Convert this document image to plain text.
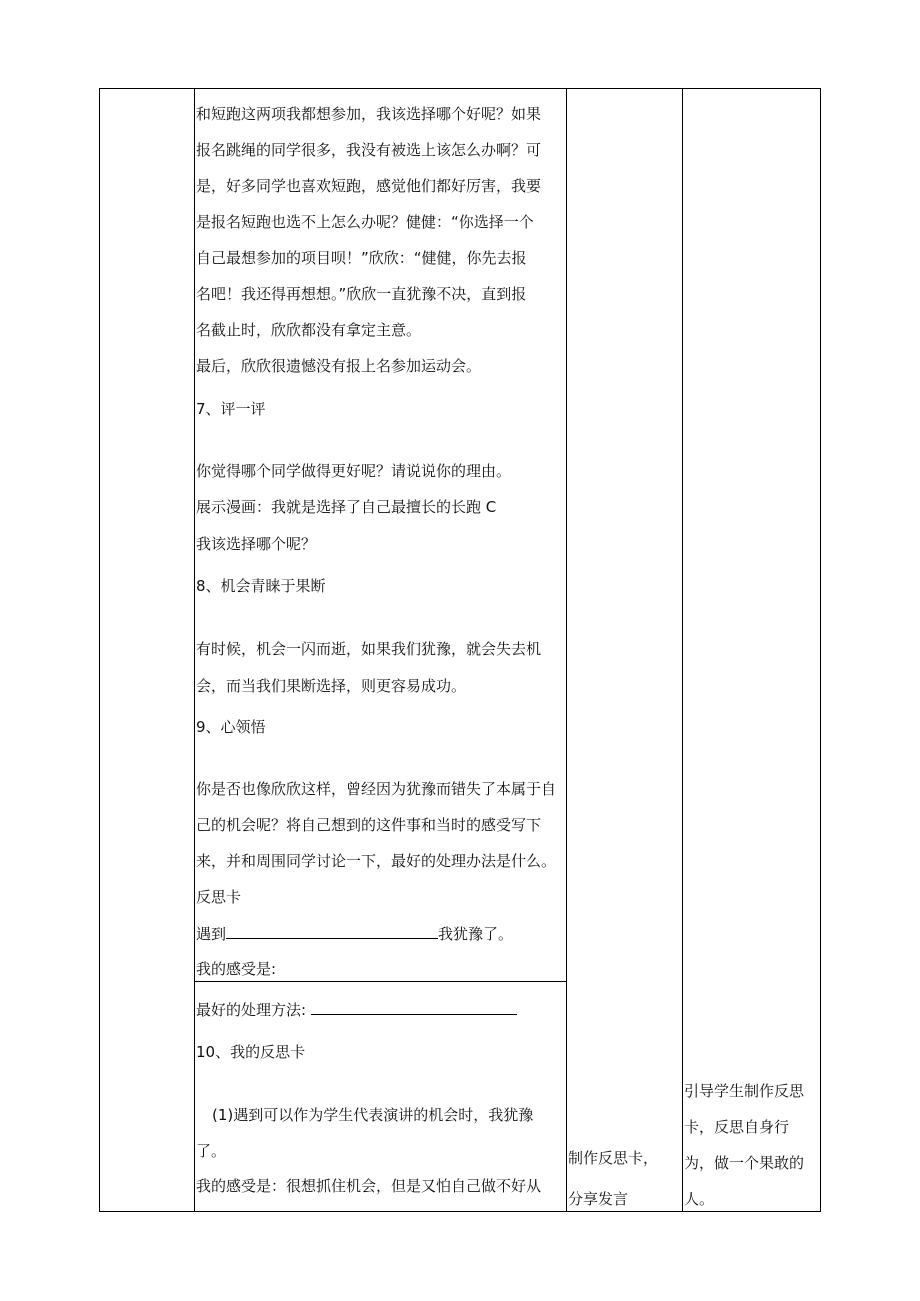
和短跑这两项我都想参加，我该选择哪个好呢？如果
报名跳绳的同学很多，我没有被选上该怎么办啊？可
是，好多同学也喜欢短跑，感觉他们都好厉害，我要
是报名短跑也选不上怎么办呢？健健：“你选择一个
自己最想参加的项目呗！”欣欣：“健健，你先去报
名吧！我还得再想想。”欣欣一直犹豫不决，直到报
名截止时，欣欣都没有拿定主意。
最后，欣欣很遗憾没有报上名参加运动会。
7、评一评
你觉得哪个同学做得更好呢？请说说你的理由。
展示漫画：我就是选择了自己最擅长的长跑 C
我该选择哪个呢？
8、机会青睐于果断
有时候，机会一闪而逝，如果我们犹豫，就会失去机
会，而当我们果断选择，则更容易成功。
9、心领悟
你是否也像欣欣这样，曾经因为犹豫而错失了本属于自
己的机会呢？将自己想到的这件事和当时的感受写下
来，并和周围同学讨论一下，最好的处理办法是什么。
反思卡
遇到	我犹豫了。
我的感受是:
最好的处理方法:
10、我的反思卡
(1)遇到可以作为学生代表演讲的机会时，我犹豫
了。
我的感受是：很想抓住机会，但是又怕自己做不好从
制作反思卡，
分享发言
引导学生制作反思
卡，反思自身行
为，做一个果敢的
人。
